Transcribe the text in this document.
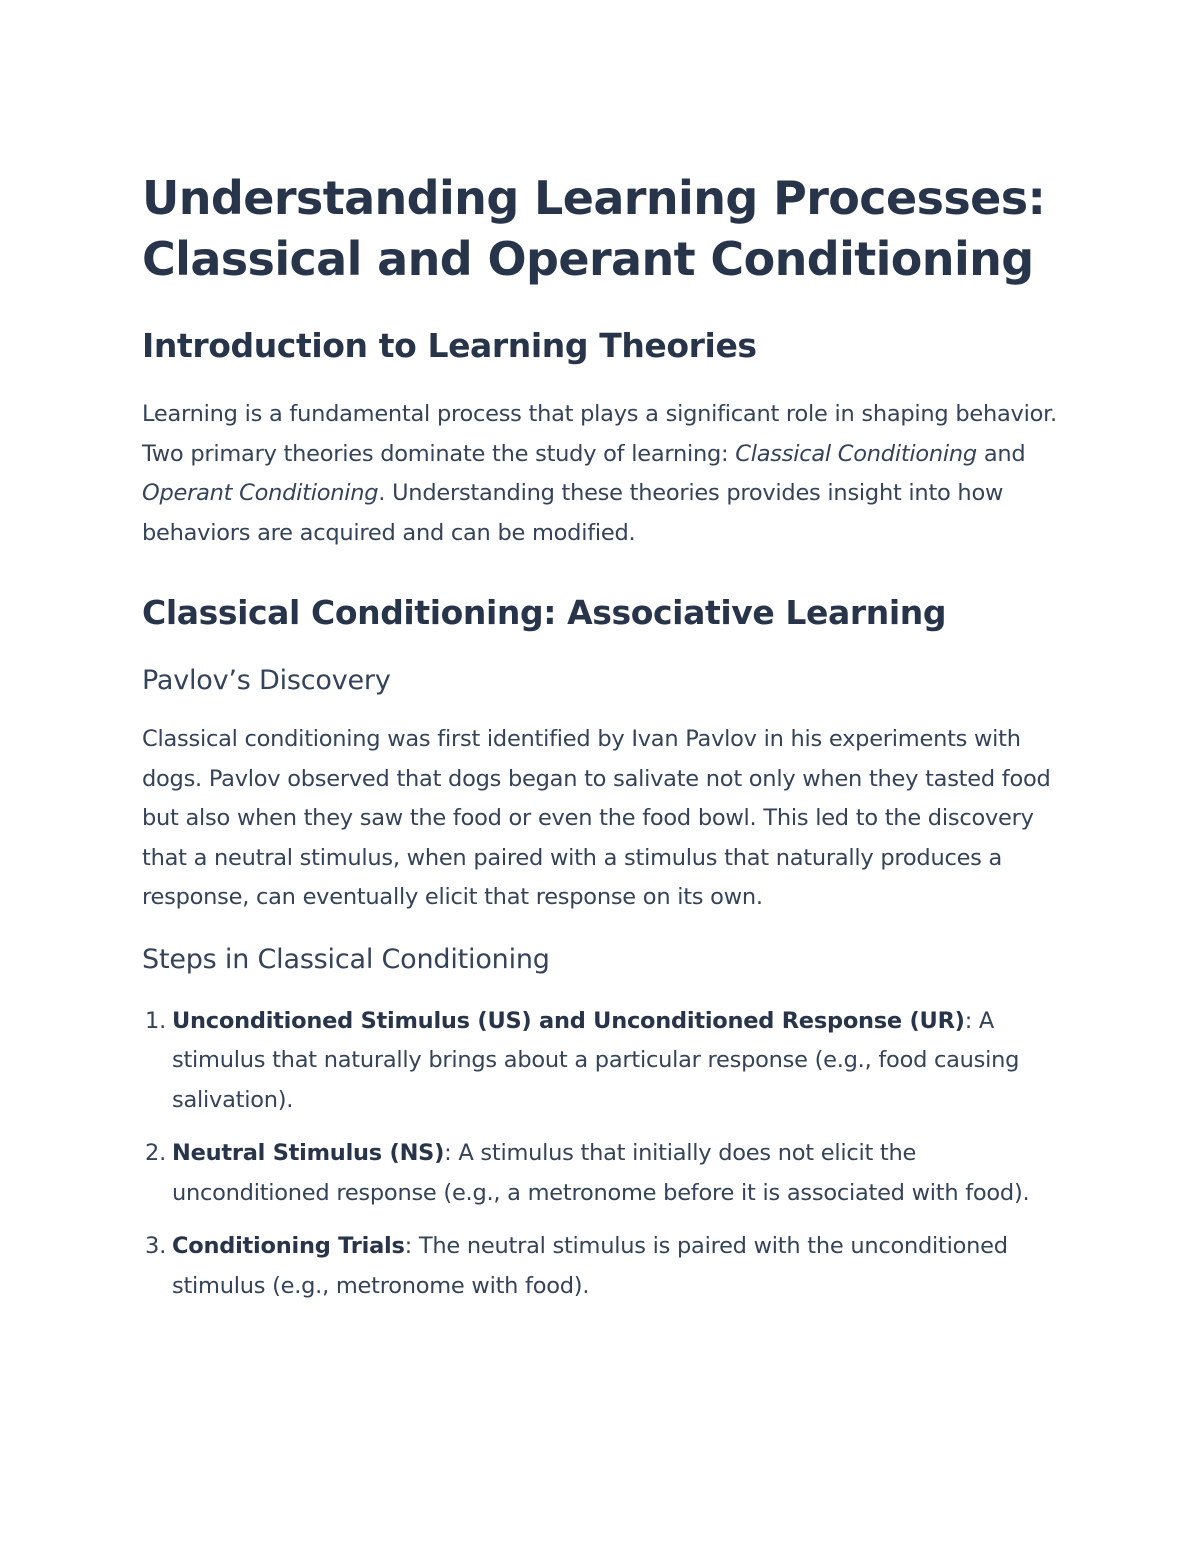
Understanding Learning Processes: Classical and Operant Conditioning
Introduction to Learning Theories

Learning is a fundamental process that plays a significant role in shaping behavior. Two primary theories dominate the study of learning: Classical Conditioning and Operant Conditioning. Understanding these theories provides insight into how behaviors are acquired and can be modified.

Classical Conditioning: Associative Learning
Pavlov’s Discovery

Classical conditioning was first identified by Ivan Pavlov in his experiments with dogs. Pavlov observed that dogs began to salivate not only when they tasted food but also when they saw the food or even the food bowl. This led to the discovery that a neutral stimulus, when paired with a stimulus that naturally produces a response, can eventually elicit that response on its own.

Steps in Classical Conditioning
1. Unconditioned Stimulus (US) and Unconditioned Response (UR): A stimulus that naturally brings about a particular response (e.g., food causing salivation).
2. Neutral Stimulus (NS): A stimulus that initially does not elicit the unconditioned response (e.g., a metronome before it is associated with food).
3. Conditioning Trials: The neutral stimulus is paired with the unconditioned stimulus (e.g., metronome with food).
